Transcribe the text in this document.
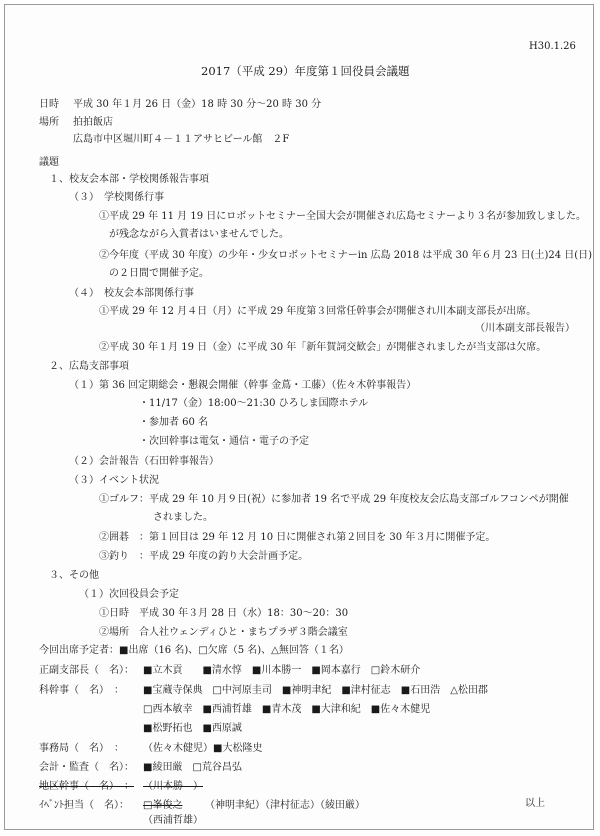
H30.1.26
2017（平成 29）年度第１回役員会議題
日時 平成 30 年１月 26 日（金）18 時 30 分～20 時 30 分
場所 拍拍飯店
広島市中区堀川町４－１１アサヒビール館　２F
議題
１、校友会本部・学校関係報告事項
（３）　学校関係行事
①平成 29 年 11 月 19 日にロボットセミナー全国大会が開催され広島セミナーより３名が参加致しました。
が残念ながら入賞者はいませんでした。
②今年度（平成 30 年度）の少年・少女ロボットセミナーin 広島 2018 は平成 30 年６月 23 日(土)24 日(日)
の２日間で開催予定。
（４）　校友会本部関係行事
①平成 29 年 12 月４日（月）に平成 29 年度第３回常任幹事会が開催され川本副支部長が出席。
（川本副支部長報告）
②平成 30 年１月 19 日（金）に平成 30 年「新年賀詞交歓会」が開催されましたが当支部は欠席。
２、広島支部事項
（１）第 36 回定期総会・懇親会開催（幹事 金蔦・工藤）（佐々木幹事報告）
・11/17（金）18:00～21:30 ひろしま国際ホテル
・参加者 60 名
・次回幹事は電気・通信・電子の予定
（２）会計報告（石田幹事報告）
（３）イベント状況
①ゴルフ：平成 29 年 10 月９日(祝）に参加者 19 名で平成 29 年度校友会広島支部ゴルフコンペが開催
されました。
②囲碁　：第１回目は 29 年 12 月 10 日に開催され第２回目を 30 年３月に開催予定。
③釣り　：平成 29 年度の釣り大会計画予定。
３、その他
（１）次回役員会予定
①日時　平成 30 年３月 28 日（水）18：30～20：30
②場所　合人社ウェンディひと・まちプラザ３階会議室
今回出席予定者：■出席（16 名)、□欠席（5 名)、△無回答（１名）
正副支部長（　名）： ■立木貢　　■清水惇　■川本勝一　■岡本嘉行　□鈴木研介
科幹事（　名）　： ■宝蔵寺保典　□中河原圭司　■神明聿紀　■津村征志　■石田浩　△松田郡
□西本敏幸　■西浦哲雄　■青木茂　■大津和紀　■佐々木健児
■松野拓也　■西原誠
事務局（　名）　： （佐々木健児）■大松隆史
会計・監査（　名）： ■綾田厳　□荒谷昌弘
地区幹事（　名）　： （川本勝　）
ｲﾍﾞﾝﾄ担当（　名）： □峯俊之 （神明聿紀）（津村征志）（綾田厳）
（西浦哲雄）
以上
